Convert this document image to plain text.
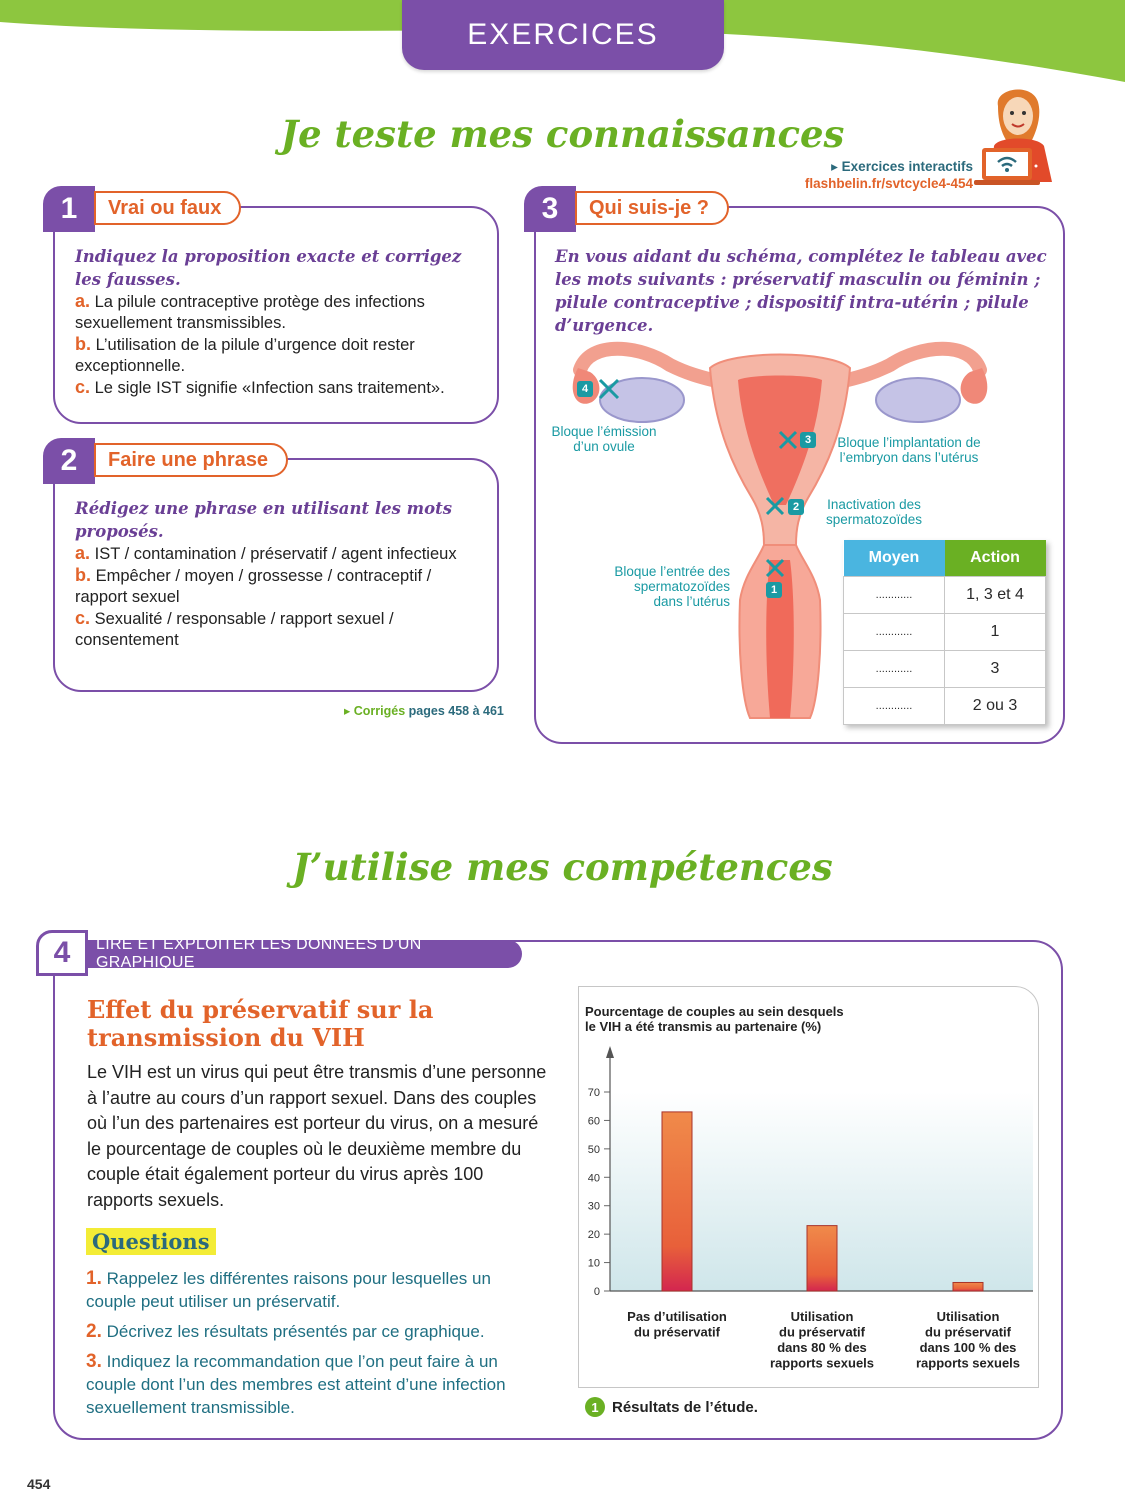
EXERCICES
Je teste mes connaissances
▸ Exercices interactifs
flashbelin.fr/svtcycle4-454
1	Vrai ou faux
Indiquez la proposition exacte et corrigez les fausses.
a. La pilule contraceptive protège des infections sexuellement transmissibles.
b. L’utilisation de la pilule d’urgence doit rester exceptionnelle.
c. Le sigle IST signifie «Infection sans traitement».
2	Faire une phrase
Rédigez une phrase en utilisant les mots proposés.
a. IST / contamination / préservatif / agent infectieux
b. Empêcher / moyen / grossesse / contraceptif / rapport sexuel
c. Sexualité / responsable / rapport sexuel / consentement
▸ Corrigés pages 458 à 461
3	Qui suis-je ?
En vous aidant du schéma, complétez le tableau avec les mots suivants : préservatif masculin ou féminin ; pilule contraceptive ; dispositif intra-utérin ; pilule d’urgence.
4
3
2
1
Bloque l’émission d’un ovule	Bloque l’implantation de l’embryon dans l’utérus
Inactivation des spermatozoïdes
Bloque l’entrée des spermatozoïdes dans l’utérus
Moyen	Action
............	1, 3 et 4
............	1
............	3
............	2 ou 3
J’utilise mes compétences
LIRE ET EXPLOITER LES DONNÉES D’UN GRAPHIQUE
4
Effet du préservatif sur la transmission du VIH
Le VIH est un virus qui peut être transmis d’une personne à l’autre au cours d’un rapport sexuel. Dans des couples où l’un des partenaires est porteur du virus, on a mesuré le pourcentage de couples où le deuxième membre du couple était également porteur du virus après 100 rapports sexuels.
Questions
1. Rappelez les différentes raisons pour lesquelles un couple peut utiliser un préservatif.
2. Décrivez les résultats présentés par ce graphique.
3. Indiquez la recommandation que l’on peut faire à un couple dont l’un des membres est atteint d’une infection sexuellement transmissible.
Pourcentage de couples au sein desquels
le VIH a été transmis au partenaire (%)
0
10
20
30
40
50
60
70
Pas d’utilisation
du préservatif
Utilisation
du préservatif
dans 80 % des
rapports sexuels
Utilisation
du préservatif
dans 100 % des
rapports sexuels
1 Résultats de l’étude.
454
